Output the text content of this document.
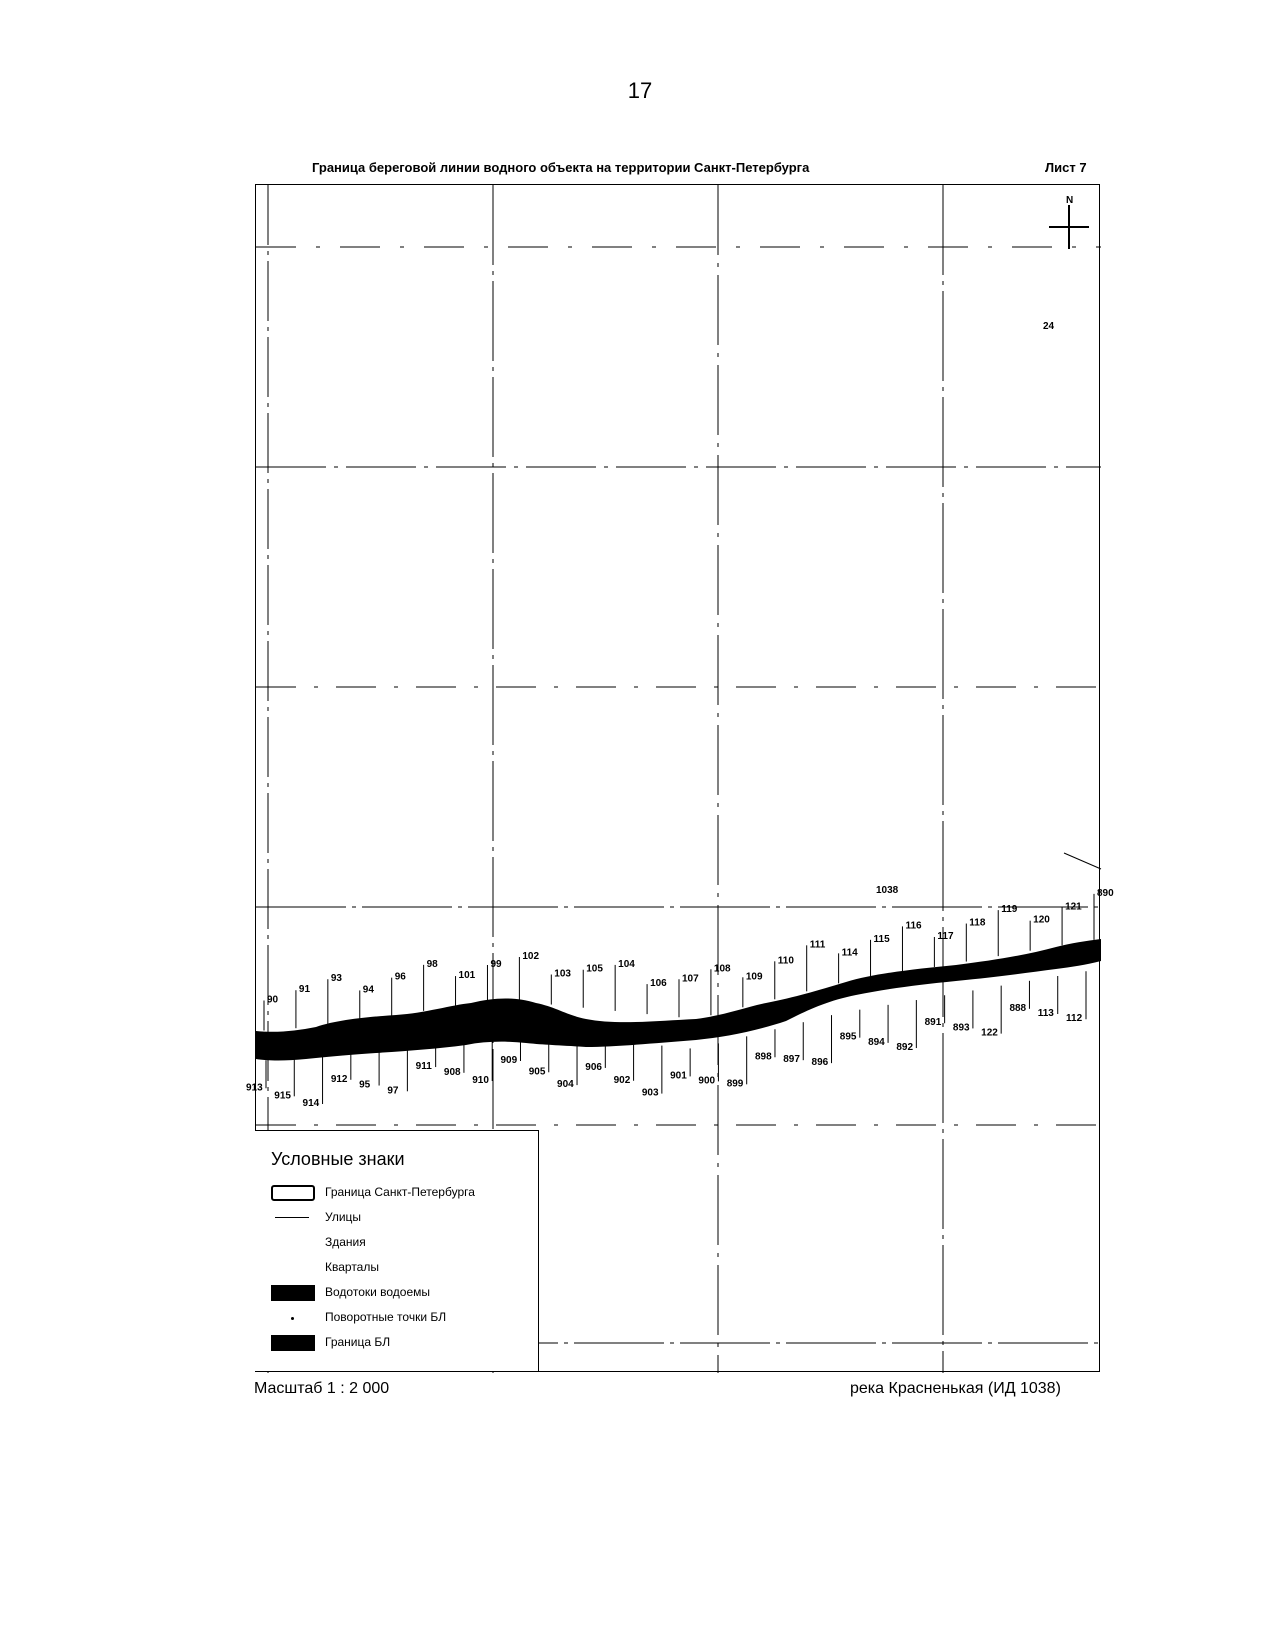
17
Граница береговой линии водного объекта на территории Санкт-Петербурга	Лист 7
N
24
1038
90
91
93
94
96
98
101
99
102
103 105 104
106 107
108
109
110
111
114
115
116
117
118
119
120
121
890
913
915
914
912
95
97
911
908
910
909
905
904
906
902
903
901 900 899
898 897 896
895 894 892
891 893 122
888 113 112
Условные знаки
Граница Санкт-Петербурга
Улицы
Здания
Кварталы
Водотоки водоемы
Поворотные точки БЛ
Граница БЛ
Масштаб 1 : 2 000	река Красненькая (ИД 1038)
